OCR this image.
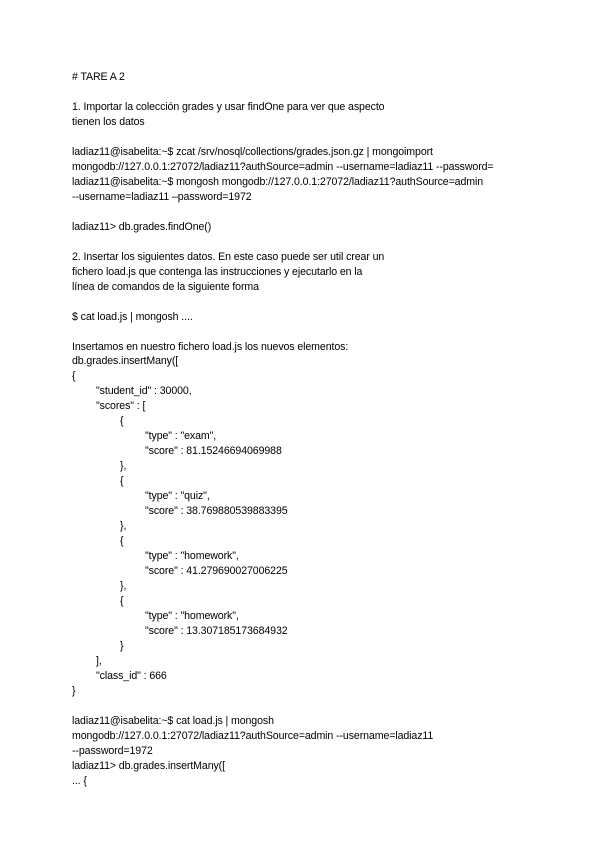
# TARE A 2
1. Importar la colección grades y usar findOne para ver que aspecto
tienen los datos
ladiaz11@isabelita:~$ zcat /srv/nosql/collections/grades.json.gz | mongoimport
mongodb://127.0.0.1:27072/ladiaz11?authSource=admin --username=ladiaz11 --password=
ladiaz11@isabelita:~$ mongosh mongodb://127.0.0.1:27072/ladiaz11?authSource=admin
--username=ladiaz11 –password=1972
ladiaz11> db.grades.findOne()
2. Insertar los siguientes datos. En este caso puede ser util crear un
fichero load.js que contenga las instrucciones y ejecutarlo en la
línea de comandos de la siguiente forma
$ cat load.js | mongosh ....
Insertamos en nuestro fichero load.js los nuevos elementos:
db.grades.insertMany([
{
"student_id" : 30000,
"scores" : [
{
"type" : "exam",
"score" : 81.15246694069988
},
{
"type" : "quiz",
"score" : 38.769880539883395
},
{
"type" : "homework",
"score" : 41.279690027006225
},
{
"type" : "homework",
"score" : 13.307185173684932
}
],
"class_id" : 666
}
ladiaz11@isabelita:~$ cat load.js | mongosh
mongodb://127.0.0.1:27072/ladiaz11?authSource=admin --username=ladiaz11
--password=1972
ladiaz11> db.grades.insertMany([
... {
